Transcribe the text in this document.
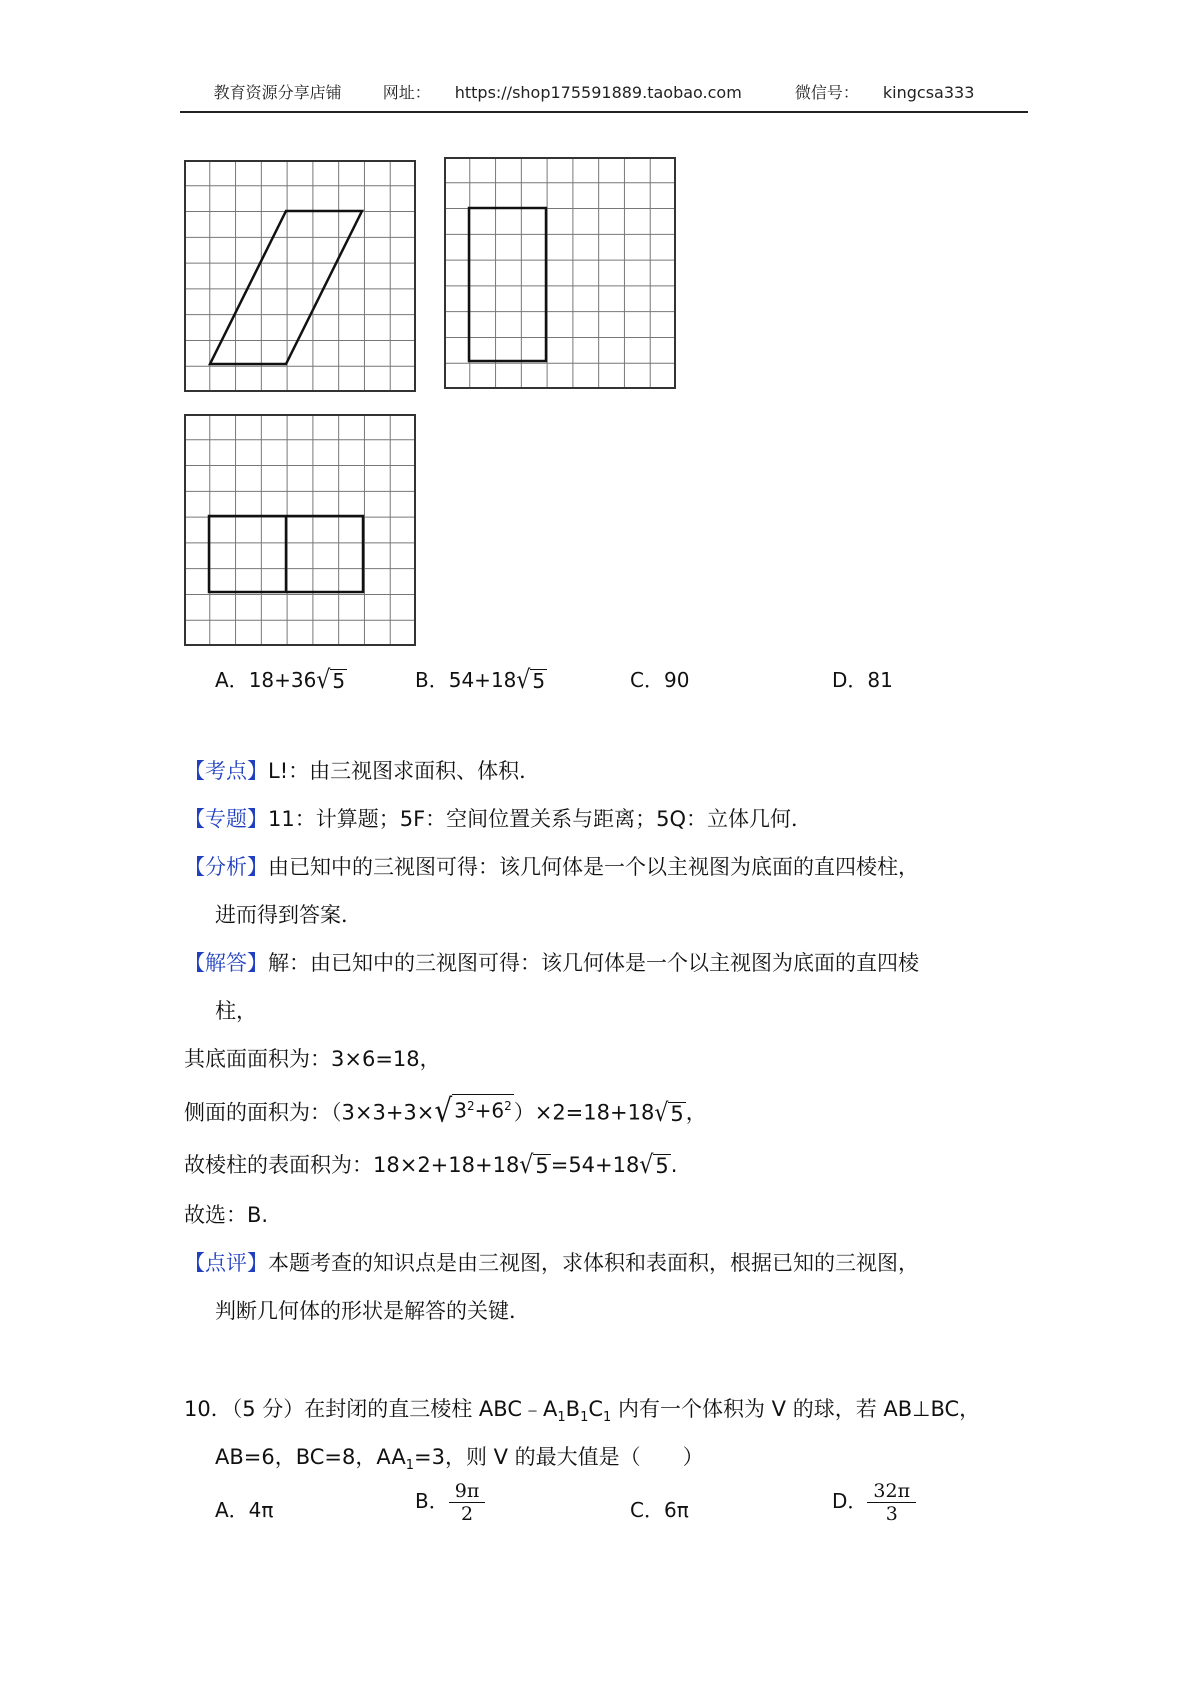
教育资源分享店铺	网址： https://shop175591889.taobao.com	微信号： kingcsa333
A．18+36 √ 5	B．54+18 √ 5	C．90	D．81
【考点】L!：由三视图求面积、体积．
【专题】11：计算题；5F：空间位置关系与距离；5Q：立体几何．
【分析】由已知中的三视图可得：该几何体是一个以主视图为底面的直四棱柱，
进而得到答案．
【解答】解：由已知中的三视图可得：该几何体是一个以主视图为底面的直四棱
柱，
其底面面积为：3×6=18，
侧面的面积为：（3×3+3× √ $3^2+6^2$ ）×2=18+18 √ 5 ，
故棱柱的表面积为：18×2+18+18 √ 5 =54+18 √ 5 .
故选：B.
【点评】本题考查的知识点是由三视图，求体积和表面积，根据已知的三视图，
判断几何体的形状是解答的关键．
10．（5 分）在封闭的直三棱柱 $ABC﹣A_1B_1C_1$ 内有一个体积为 V 的球，若 AB⊥BC，
AB=6，BC=8，$AA_1=3$，则 V 的最大值是（　　）
A．4π	B． $\frac{9\pi}{2}$	C．6π	D． $\frac{32\pi}{3}$
